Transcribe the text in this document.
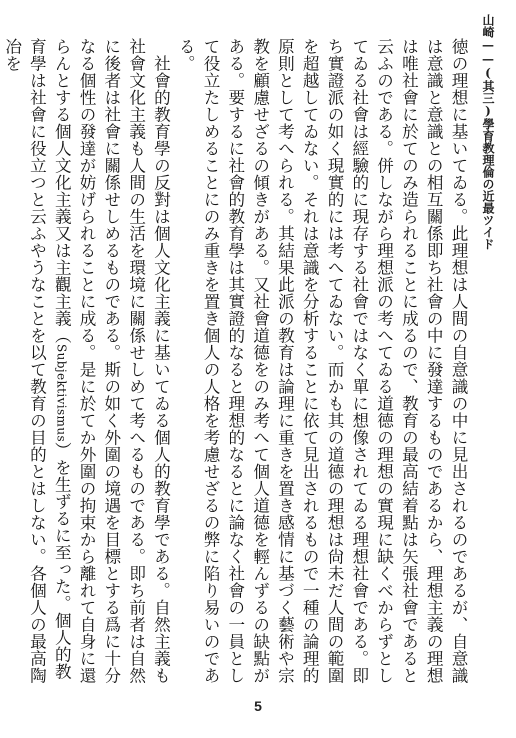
山崎——(其三)學育教理倫の近最ツイド

徳の理想に基いてゐる。此理想は人間の自意識の中に見出されるのであるが、自意識は意識と意識との相互關係即ち社會の中に發達するものであるから、理想主義の理想は唯社會に於てのみ造られることに成るので、教育の最高結着點は矢張社會であると云ふのである。併しながら理想派の考へてゐる道德の理想の實現に缺くべからずとしてゐる社會は經驗的に現存する社會ではなく單に想像されてゐる理想社會である。即ち實證派の如く現實的には考へてゐない。而かも其の道德の理想は尙未だ人間の範圍を超越してゐない。それは意識を分析することに依て見出されるもので一種の論理的原則として考へられる。其結果此派の教育は論理に重きを置き感情に基づく藝術や宗教を顧慮せざるの傾きがある。又社會道德をのみ考へて個人道德を輕んずるの缺點がある。要するに社會的教育學は其實證的なると理想的なるとに論なく社會の一員として役立たしめることにのみ重きを置き個人の人格を考慮せざるの弊に陷り易いのである。

社會的教育學の反對は個人文化主義に基いてゐる個人的教育學である。自然主義も社會文化主義も人間の生活を環境に關係せしめて考へるものである。即ち前者は自然に後者は社會に關係せしめるものである。斯の如く外圍の境遇を目標とする爲に十分なる個性の發達が妨げられることに成る。是に於てか外圍の拘束から離れて自身に還らんとする個人文化主義又は主觀主義（Subjektivismus）を生ずるに至った。個人的教育學は社會に役立つと云ふやうなことを以て教育の目的とはしない。各個人の最高陶冶を

5
